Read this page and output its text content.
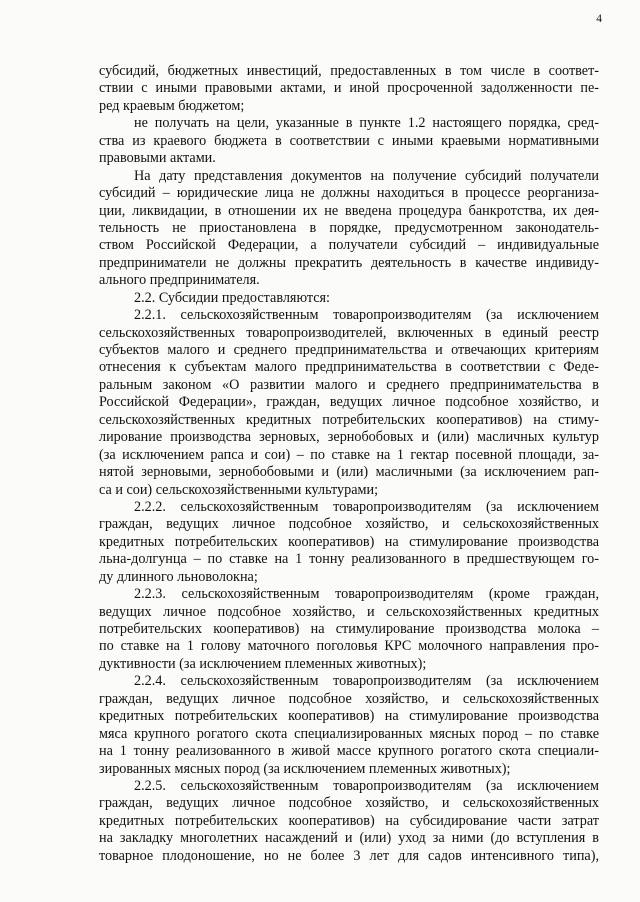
4
субсидий, бюджетных инвестиций, предоставленных в том числе в соответ-
ствии с иными правовыми актами, и иной просроченной задолженности пе-
ред краевым бюджетом;
не получать на цели, указанные в пункте 1.2 настоящего порядка, сред-
ства из краевого бюджета в соответствии с иными краевыми нормативными
правовыми актами.
На дату представления документов на получение субсидий получатели
субсидий – юридические лица не должны находиться в процессе реорганиза-
ции, ликвидации, в отношении их не введена процедура банкротства, их дея-
тельность не приостановлена в порядке, предусмотренном законодатель-
ством Российской Федерации, а получатели субсидий – индивидуальные
предприниматели не должны прекратить деятельность в качестве индивиду-
ального предпринимателя.
2.2. Субсидии предоставляются:
2.2.1. сельскохозяйственным товаропроизводителям (за исключением
сельскохозяйственных товаропроизводителей, включенных в единый реестр
субъектов малого и среднего предпринимательства и отвечающих критериям
отнесения к субъектам малого предпринимательства в соответствии с Феде-
ральным законом «О развитии малого и среднего предпринимательства в
Российской Федерации», граждан, ведущих личное подсобное хозяйство, и
сельскохозяйственных кредитных потребительских кооперативов) на стиму-
лирование производства зерновых, зернобобовых и (или) масличных культур
(за исключением рапса и сои) – по ставке на 1 гектар посевной площади, за-
нятой зерновыми, зернобобовыми и (или) масличными (за исключением рап-
са и сои) сельскохозяйственными культурами;
2.2.2. сельскохозяйственным товаропроизводителям (за исключением
граждан, ведущих личное подсобное хозяйство, и сельскохозяйственных
кредитных потребительских кооперативов) на стимулирование производства
льна-долгунца – по ставке на 1 тонну реализованного в предшествующем го-
ду длинного льноволокна;
2.2.3. сельскохозяйственным товаропроизводителям (кроме граждан,
ведущих личное подсобное хозяйство, и сельскохозяйственных кредитных
потребительских кооперативов) на стимулирование производства молока –
по ставке на 1 голову маточного поголовья КРС молочного направления про-
дуктивности (за исключением племенных животных);
2.2.4. сельскохозяйственным товаропроизводителям (за исключением
граждан, ведущих личное подсобное хозяйство, и сельскохозяйственных
кредитных потребительских кооперативов) на стимулирование производства
мяса крупного рогатого скота специализированных мясных пород – по ставке
на 1 тонну реализованного в живой массе крупного рогатого скота специали-
зированных мясных пород (за исключением племенных животных);
2.2.5. сельскохозяйственным товаропроизводителям (за исключением
граждан, ведущих личное подсобное хозяйство, и сельскохозяйственных
кредитных потребительских кооперативов) на субсидирование части затрат
на закладку многолетних насаждений и (или) уход за ними (до вступления в
товарное плодоношение, но не более 3 лет для садов интенсивного типа),
